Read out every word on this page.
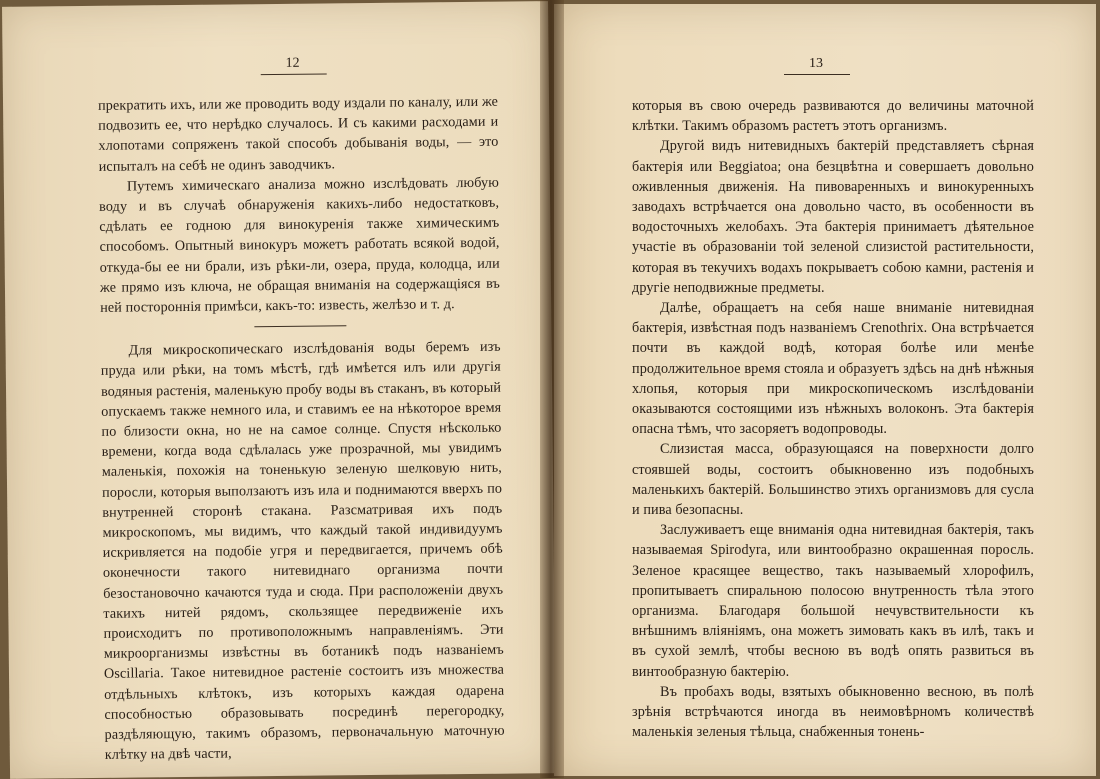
12

прекратить ихъ, или же проводить воду издали по каналу, или же подвозить ее, что нерѣдко случалось. И съ какими расходами и хлопотами сопряженъ такой способъ добыванія воды, — это испыталъ на себѣ не одинъ заводчикъ.

Путемъ химическаго анализа можно изслѣдовать любую воду и въ случаѣ обнаруженія какихъ-либо недостатковъ, сдѣлать ее годною для винокуренія также химическимъ способомъ. Опытный винокуръ можетъ работать всякой водой, откуда-бы ее ни брали, изъ рѣки-ли, озера, пруда, колодца, или же прямо изъ ключа, не обращая вниманія на содержащіяся въ ней постороннія примѣси, какъ-то: известь, желѣзо и т. д.

Для микроскопическаго изслѣдованія воды беремъ изъ пруда или рѣки, на томъ мѣстѣ, гдѣ имѣется илъ или другія водяныя растенія, маленькую пробу воды въ стаканъ, въ который опускаемъ также немного ила, и ставимъ ее на нѣкоторое время по близости окна, но не на самое солнце. Спустя нѣсколько времени, когда вода сдѣлалась уже прозрачной, мы увидимъ маленькія, похожія на тоненькую зеленую шелковую нить, поросли, которыя выползаютъ изъ ила и поднимаются вверхъ по внутренней сторонѣ стакана. Разсматривая ихъ подъ микроскопомъ, мы видимъ, что каждый такой индивидуумъ искривляется на подобіе угря и передвигается, причемъ обѣ оконечности такого нитевиднаго организма почти безостановочно качаются туда и сюда. При расположеніи двухъ такихъ нитей рядомъ, скользящее передвиженіе ихъ происходитъ по противоположнымъ направленіямъ. Эти микроорганизмы извѣстны въ ботаникѣ подъ названіемъ Oscillaria. Такое нитевидное растеніе состоитъ изъ множества отдѣльныхъ клѣтокъ, изъ которыхъ каждая одарена способностью образовывать посрединѣ перегородку, раздѣляющую, такимъ образомъ, первоначальную маточную клѣтку на двѣ части,

13

которыя въ свою очередь развиваются до величины маточной клѣтки. Такимъ образомъ растетъ этотъ организмъ.

Другой видъ нитевидныхъ бактерій представляетъ сѣрная бактерія или Beggiatoa; она безцвѣтна и совершаетъ довольно оживленныя движенія. На пивоваренныхъ и винокуренныхъ заводахъ встрѣчается она довольно часто, въ особенности въ водосточныхъ желобахъ. Эта бактерія принимаетъ дѣятельное участіе въ образованіи той зеленой слизистой растительности, которая въ текучихъ водахъ покрываетъ собою камни, растенія и другіе неподвижные предметы.

Далѣе, обращаетъ на себя наше вниманіе нитевидная бактерія, извѣстная подъ названіемъ Crenothrix. Она встрѣчается почти въ каждой водѣ, которая болѣе или менѣе продолжительное время стояла и образуетъ здѣсь на днѣ нѣжныя хлопья, которыя при микроскопическомъ изслѣдованіи оказываются состоящими изъ нѣжныхъ волоконъ. Эта бактерія опасна тѣмъ, что засоряетъ водопроводы.

Слизистая масса, образующаяся на поверхности долго стоявшей воды, состоитъ обыкновенно изъ подобныхъ маленькихъ бактерій. Большинство этихъ организмовъ для сусла и пива безопасны.

Заслуживаетъ еще вниманія одна нитевидная бактерія, такъ называемая Spirodyra, или винтообразно окрашенная поросль. Зеленое красящее вещество, такъ называемый хлорофилъ, пропитываетъ спиральною полосою внутренность тѣла этого организма. Благодаря большой нечувствительности къ внѣшнимъ вліяніямъ, она можетъ зимовать какъ въ илѣ, такъ и въ сухой землѣ, чтобы весною въ водѣ опять развиться въ винтообразную бактерію.

Въ пробахъ воды, взятыхъ обыкновенно весною, въ полѣ зрѣнія встрѣчаются иногда въ неимовѣрномъ количествѣ маленькія зеленыя тѣльца, снабженныя тонень-
